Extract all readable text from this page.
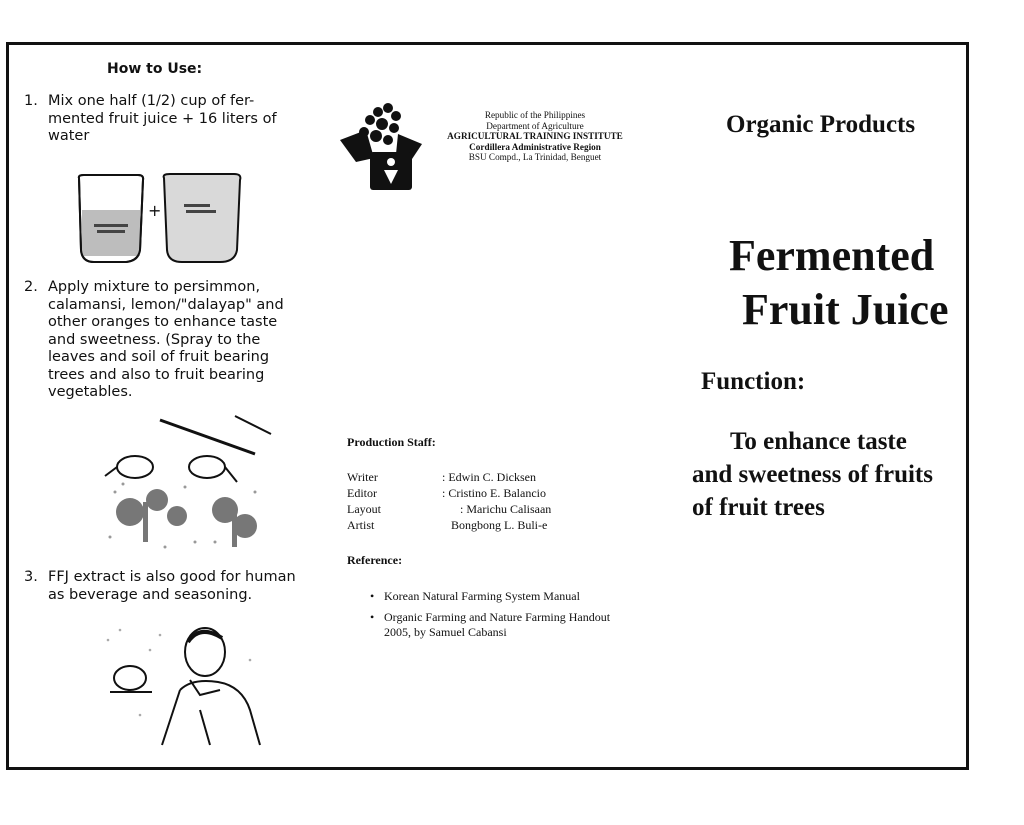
How to Use:
1. Mix one half (1/2) cup of fer-mented fruit juice + 16 liters of water
+
2. Apply mixture to persimmon, calamansi, lemon/"dalayap" and other oranges to enhance taste and sweetness. (Spray to the leaves and soil of fruit bearing trees and also to fruit bearing vegetables.
3. FFJ extract is also good for human as beverage and seasoning.
Republic of the Philippines
Department of Agriculture
AGRICULTURAL TRAINING INSTITUTE
Cordillera Administrative Region
BSU Compd., La Trinidad, Benguet
Production Staff:
Writer	: Edwin C. Dicksen
Editor	: Cristino E. Balancio
Layout Artist
: Marichu Calisaan
Bongbong L. Buli-e
Reference:
• Korean Natural Farming System Manual
• Organic Farming and Nature Farming Handout 2005, by Samuel Cabansi
Organic Products
Fermented
Fruit Juice
Function:
To enhance taste
and sweetness of fruits
of fruit trees
